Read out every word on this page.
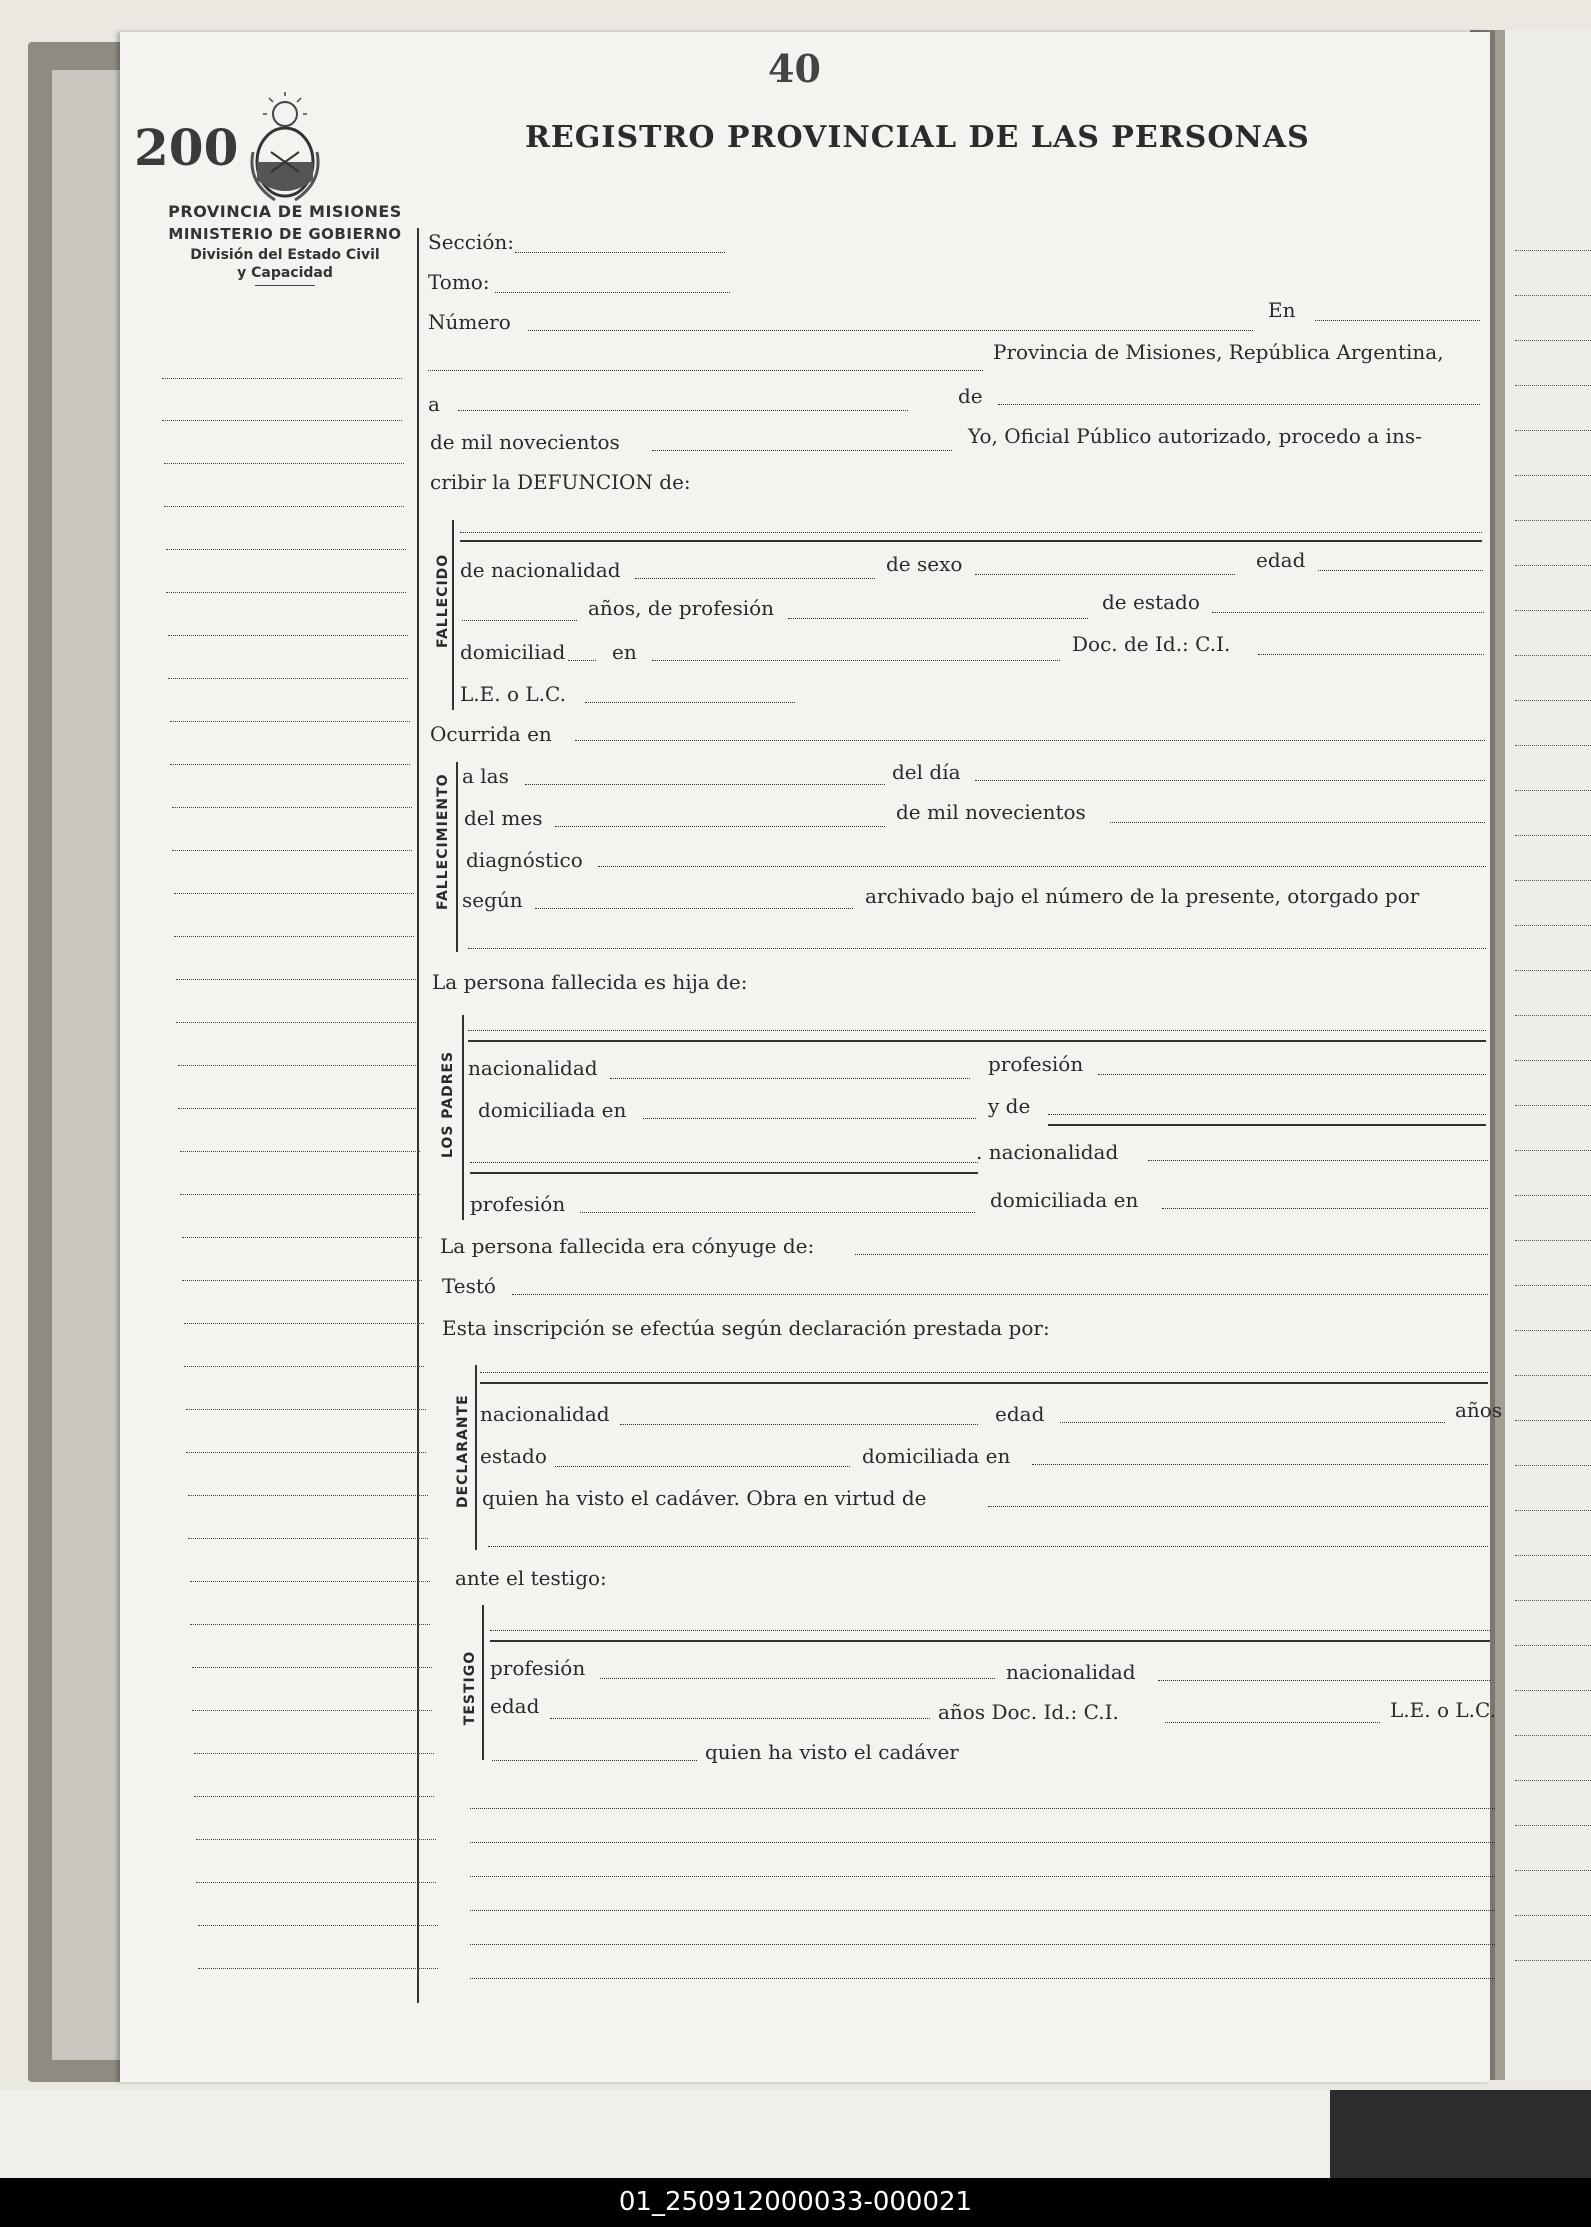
40
200
PROVINCIA DE MISIONES
MINISTERIO DE GOBIERNO
División del Estado Civil
y Capacidad
REGISTRO PROVINCIAL DE LAS PERSONAS
Sección:
Tomo:
Número	En
Provincia de Misiones, República Argentina,
a	de
de mil novecientos	Yo, Oficial Público autorizado, procedo a ins-
cribir la DEFUNCION de:
FALLECIDO de nacionalidad	de sexo	edad
años, de profesión	de estado
domiciliad en	Doc. de Id.: C.I.
L.E. o L.C.
Ocurrida en
FALLECIMIENTO a las	del día
del mes	de mil novecientos
diagnóstico
según	archivado bajo el número de la presente, otorgado por
La persona fallecida es hija de:
LOS PADRES nacionalidad	profesión
domiciliada en	y de
. nacionalidad
profesión	domiciliada en
La persona fallecida era cónyuge de:
Testó
Esta inscripción se efectúa según declaración prestada por:
DECLARANTE nacionalidad	edad	años
estado	domiciliada en
quien ha visto el cadáver. Obra en virtud de
ante el testigo:
TESTIGO profesión	nacionalidad
edad	años Doc. Id.: C.I.	L.E. o L.C.
quien ha visto el cadáver
01_250912000033-000021
